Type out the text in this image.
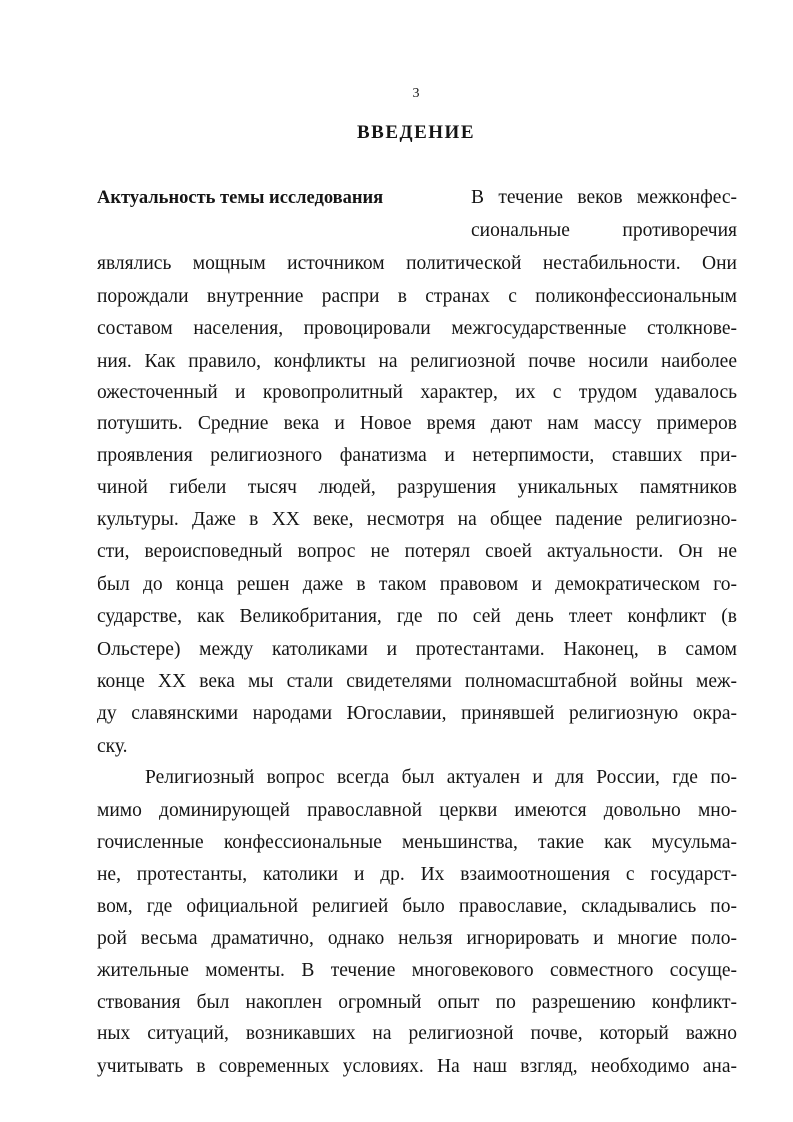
3
ВВЕДЕНИЕ
Актуальность темы исследования	В течение веков межконфес-
сиональные противоречия
являлись мощным источником политической нестабильности. Они
порождали внутренние распри в странах с поликонфессиональным
составом населения, провоцировали межгосударственные столкнове-
ния. Как правило, конфликты на религиозной почве носили наиболее
ожесточенный и кровопролитный характер, их с трудом удавалось
потушить. Средние века и Новое время дают нам массу примеров
проявления религиозного фанатизма и нетерпимости, ставших при-
чиной гибели тысяч людей, разрушения уникальных памятников
культуры. Даже в XX веке, несмотря на общее падение религиозно-
сти, вероисповедный вопрос не потерял своей актуальности. Он не
был до конца решен даже в таком правовом и демократическом го-
сударстве, как Великобритания, где по сей день тлеет конфликт (в
Ольстере) между католиками и протестантами. Наконец, в самом
конце XX века мы стали свидетелями полномасштабной войны меж-
ду славянскими народами Югославии, принявшей религиозную окра-
ску.
Религиозный вопрос всегда был актуален и для России, где по-
мимо доминирующей православной церкви имеются довольно мно-
гочисленные конфессиональные меньшинства, такие как мусульма-
не, протестанты, католики и др. Их взаимоотношения с государст-
вом, где официальной религией было православие, складывались по-
рой весьма драматично, однако нельзя игнорировать и многие поло-
жительные моменты. В течение многовекового совместного сосуще-
ствования был накоплен огромный опыт по разрешению конфликт-
ных ситуаций, возникавших на религиозной почве, который важно
учитывать в современных условиях. На наш взгляд, необходимо ана-
